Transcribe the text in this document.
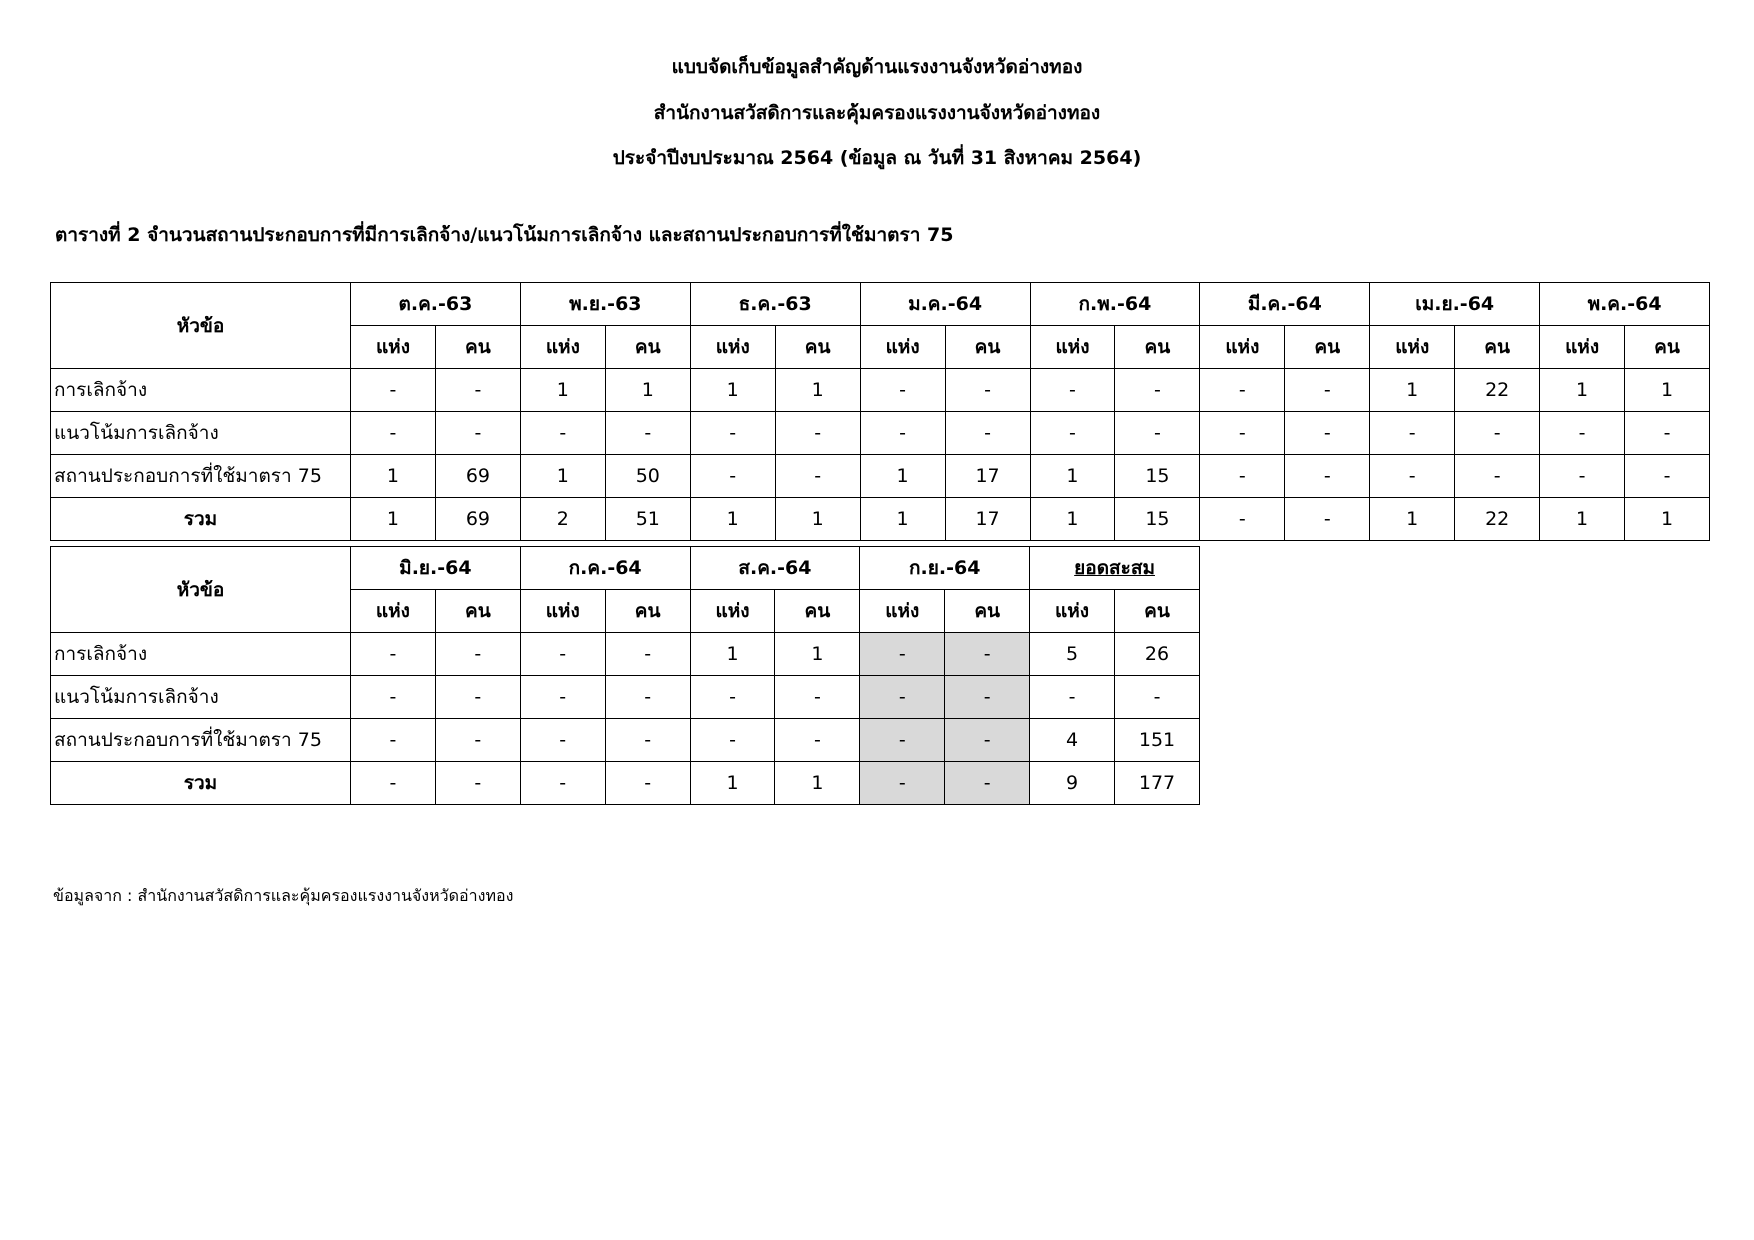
แบบจัดเก็บข้อมูลสำคัญด้านแรงงานจังหวัดอ่างทอง
สำนักงานสวัสดิการและคุ้มครองแรงงานจังหวัดอ่างทอง
ประจำปีงบประมาณ 2564 (ข้อมูล ณ วันที่ 31 สิงหาคม 2564)
ตารางที่ 2 จำนวนสถานประกอบการที่มีการเลิกจ้าง/แนวโน้มการเลิกจ้าง และสถานประกอบการที่ใช้มาตรา 75
หัวข้อ	ต.ค.-63		พ.ย.-63		ธ.ค.-63		ม.ค.-64		ก.พ.-64		มี.ค.-64		เม.ย.-64		พ.ค.-64	
	แห่ง	คน	แห่ง	คน	แห่ง	คน	แห่ง	คน	แห่ง	คน	แห่ง	คน	แห่ง	คน	แห่ง	คน
การเลิกจ้าง	-	-	1	1	1	1	-	-	-	-	-	-	1	22	1	1
แนวโน้มการเลิกจ้าง	-	-	-	-	-	-	-	-	-	-	-	-	-	-	-	-
สถานประกอบการที่ใช้มาตรา 75	1	69	1	50	-	-	1	17	1	15	-	-	-	-	-	-
รวม	1	69	2	51	1	1	1	17	1	15	-	-	1	22	1	1
หัวข้อ	มิ.ย.-64		ก.ค.-64		ส.ค.-64		ก.ย.-64		ยอดสะสม	
	แห่ง	คน	แห่ง	คน	แห่ง	คน	แห่ง	คน	แห่ง	คน
การเลิกจ้าง	-	-	-	-	1	1	-	-	5	26
แนวโน้มการเลิกจ้าง	-	-	-	-	-	-	-	-	-	-
สถานประกอบการที่ใช้มาตรา 75	-	-	-	-	-	-	-	-	4	151
รวม	-	-	-	-	1	1	-	-	9	177
ข้อมูลจาก : สำนักงานสวัสดิการและคุ้มครองแรงงานจังหวัดอ่างทอง
